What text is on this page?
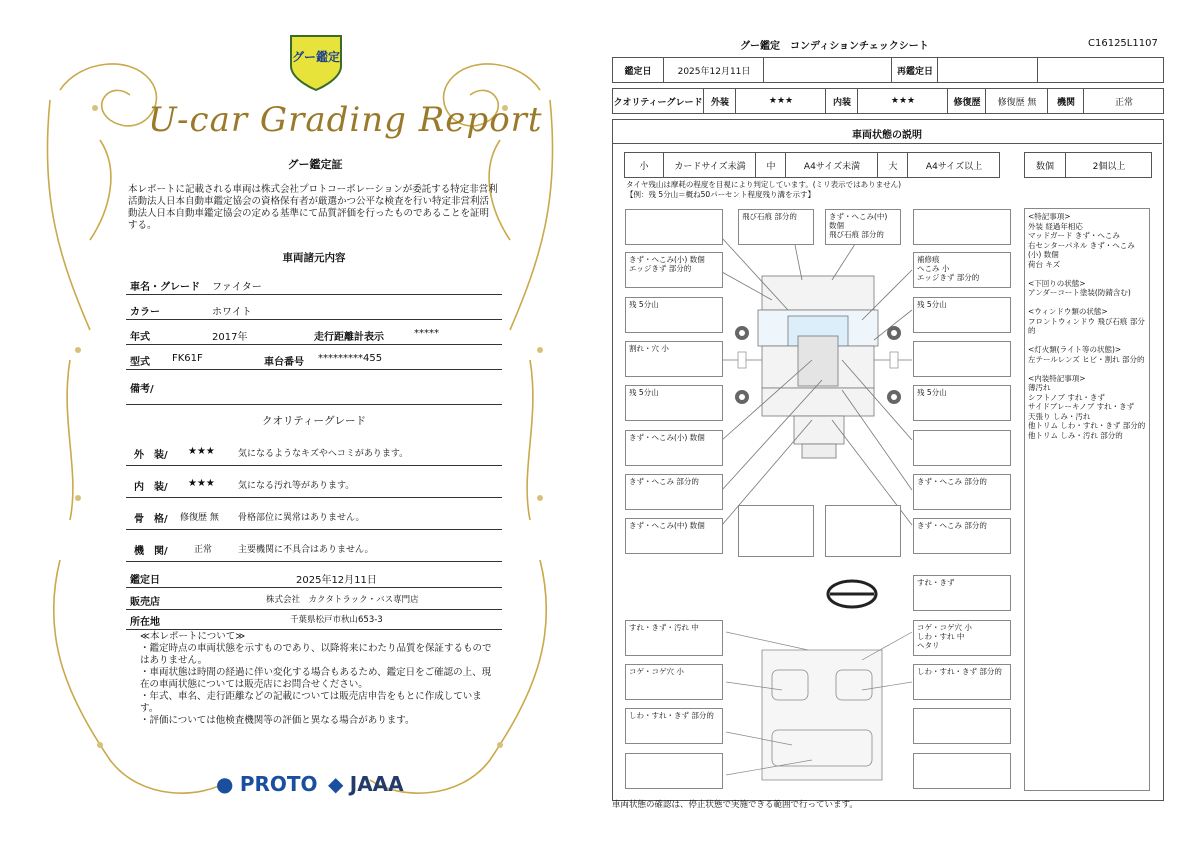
グー鑑定
U-car Grading Report
グー鑑定証
本レポートに記載される車両は株式会社プロトコーポレーションが委託する特定非営利活動法人日本自動車鑑定協会の資格保有者が厳選かつ公平な検査を行い特定非営利活動法人日本自動車鑑定協会の定める基準にて品質評価を行ったものであることを証明する。
車両諸元内容
車名・グレード ファイター
カラー	ホワイト
年式	2017年	走行距離計表示	*****
型式 FK61F	車台番号 *********455
備考/
クオリティーグレード
外　装/ ★★★	気になるようなキズやヘコミがあります。
内　装/ ★★★	気になる汚れ等があります。
骨　格/ 修復歴 無 骨格部位に異常はありません。
機　関/	正常	主要機関に不具合はありません。
鑑定日	2025年12月11日
販売店	株式会社　カクタトラック・バス専門店
所在地	千葉県松戸市秋山653-3
≪本レポートについて≫
・鑑定時点の車両状態を示すものであり、以降将来にわたり品質を保証するものではありません。
・車両状態は時間の経過に伴い変化する場合もあるため、鑑定日をご確認の上、現在の車両状態については販売店にお問合せください。
・年式、車名、走行距離などの記載については販売店申告をもとに作成しています。
・評価については他検査機関等の評価と異なる場合があります。
● PROTO ◆ JAAA
グー鑑定　コンディションチェックシート	C16125L1107
鑑定日	2025年12月11日	再鑑定日
クオリティーグレード 外装	★★★	内装	★★★	修復歴	修復歴 無	機関	正常
車両状態の説明
小	カードサイズ未満	中	A4サイズ未満	大	A4サイズ以上	数個	2個以上
タイヤ残山は摩耗の程度を目視により判定しています。(ミリ表示ではありません)
【例：残 5分山＝概ね50パーセント程度残り溝を示す】
きず・へこみ(小) 数個
エッジきず 部分的
残 5分山
割れ・穴 小
残 5分山
きず・へこみ(小) 数個
きず・へこみ 部分的
きず・へこみ(中) 数個
飛び石痕 部分的	きず・へこみ(中) 数個
飛び石痕 部分的
補修痕
へこみ 小
エッジきず 部分的
残 5分山
残 5分山
きず・へこみ 部分的
きず・へこみ 部分的
すれ・きず・汚れ 中
コゲ・コゲ穴 小
しわ・すれ・きず 部分的
すれ・きず
コゲ・コゲ穴 小
しわ・すれ 中
ヘタリ
しわ・すれ・きず 部分的
<特記事項>
外装 経過年相応
マッドガード きず・へこみ
右センターパネル きず・へこみ(小) 数個
荷台 キズ

<下回りの状態>
アンダーコート塗装(防錆含む)

<ウィンドウ類の状態>
フロントウィンドウ 飛び石痕 部分的

<灯火類(ライト等の状態)>
左テールレンズ ヒビ・割れ 部分的

<内装特記事項>
薄汚れ
シフトノブ すれ・きず
サイドブレーキノブ すれ・きず
天張り しみ・汚れ
他トリム しわ・すれ・きず 部分的
他トリム しみ・汚れ 部分的
車両状態の確認は、停止状態で実施できる範囲で行っています。
